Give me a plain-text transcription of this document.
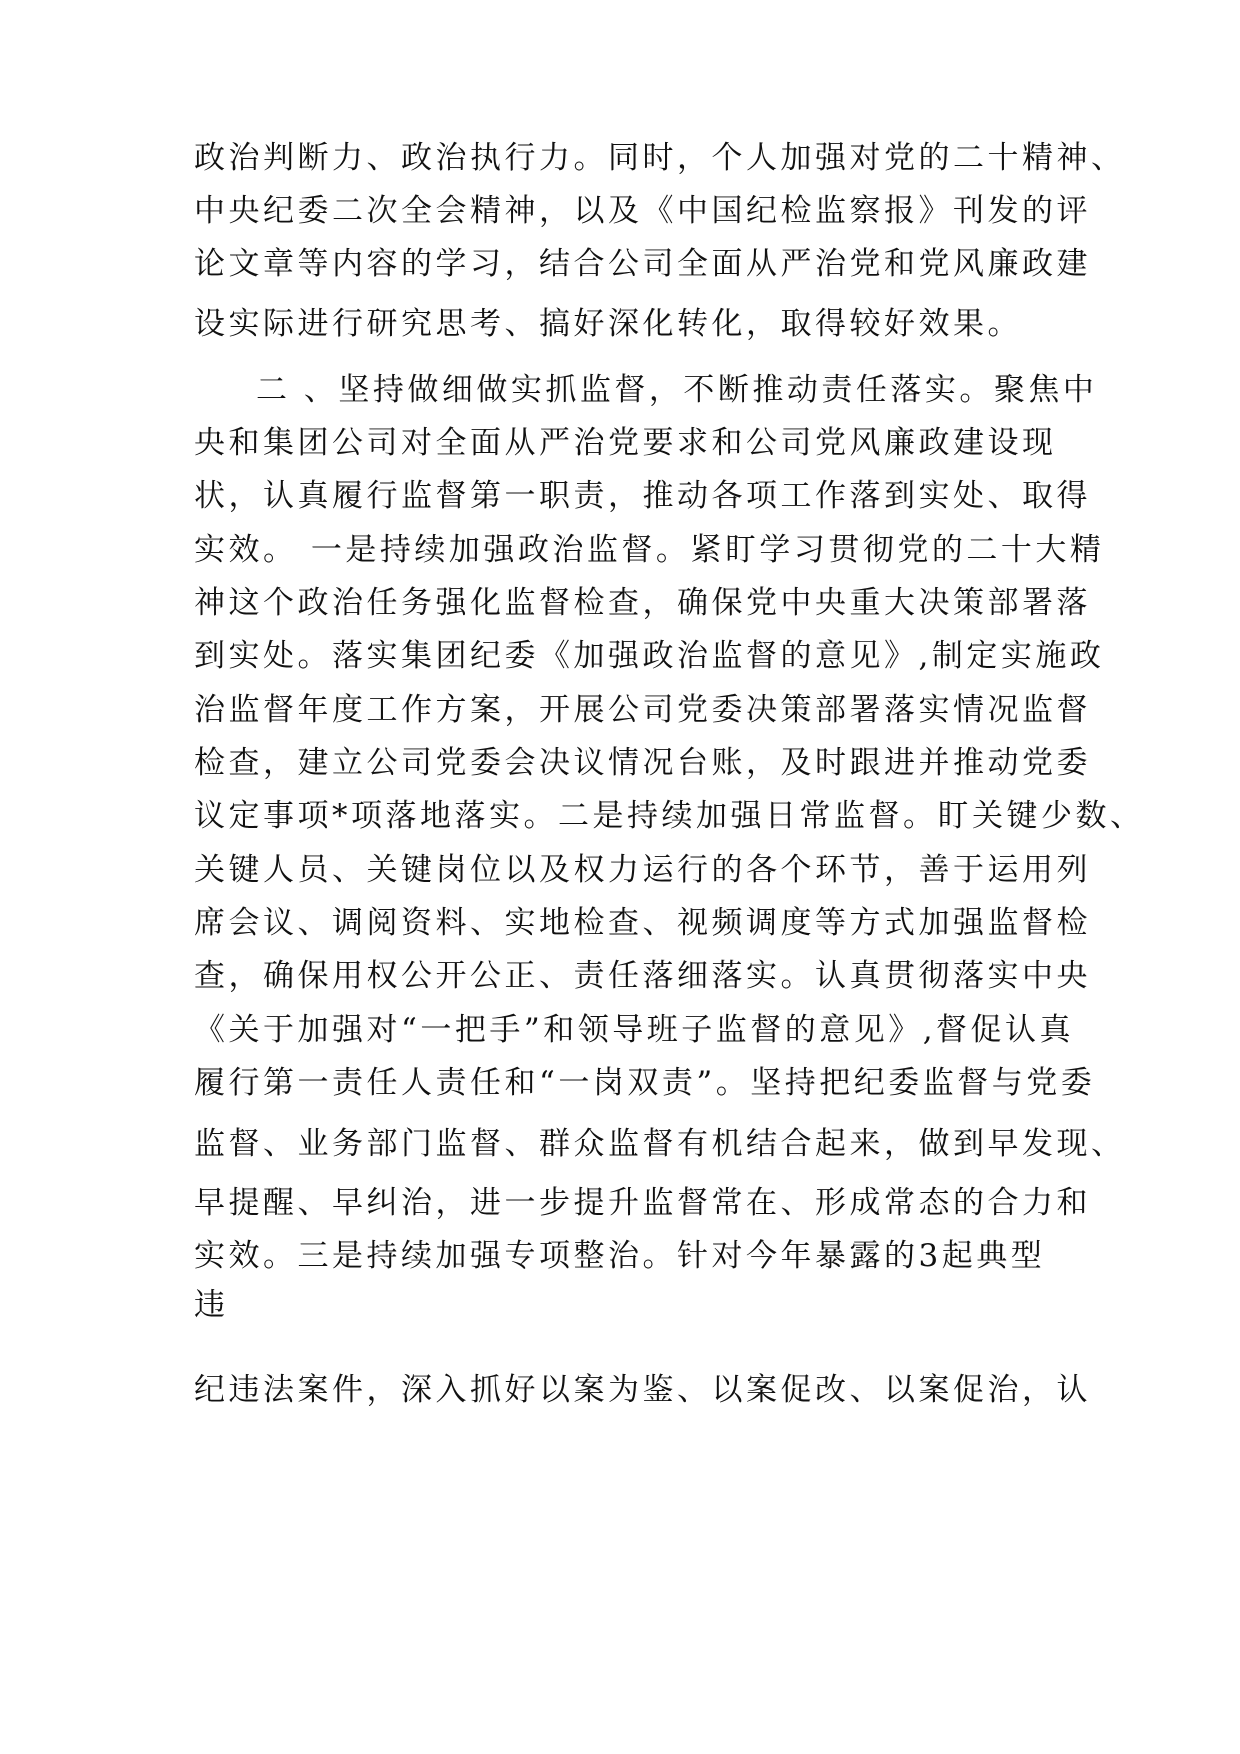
政治判断力、政治执行力。同时，个人加强对党的二十精神、
中央纪委二次全会精神，以及《中国纪检监察报》刊发的评
论文章等内容的学习，结合公司全面从严治党和党风廉政建
设实际进行研究思考、搞好深化转化，取得较好效果。
二 、坚持做细做实抓监督，不断推动责任落实。聚焦中
央和集团公司对全面从严治党要求和公司党风廉政建设现
状，认真履行监督第一职责，推动各项工作落到实处、取得
实效。 一是持续加强政治监督。紧盯学习贯彻党的二十大精
神这个政治任务强化监督检查，确保党中央重大决策部署落
到实处。落实集团纪委《加强政治监督的意见》,制定实施政
治监督年度工作方案，开展公司党委决策部署落实情况监督
检查，建立公司党委会决议情况台账，及时跟进并推动党委
议定事项*项落地落实。二是持续加强日常监督。盯关键少数、
关键人员、关键岗位以及权力运行的各个环节，善于运用列
席会议、调阅资料、实地检查、视频调度等方式加强监督检
查，确保用权公开公正、责任落细落实。认真贯彻落实中央
《关于加强对“一把手”和领导班子监督的意见》,督促认真
履行第一责任人责任和“一岗双责”。坚持把纪委监督与党委
监督、业务部门监督、群众监督有机结合起来，做到早发现、
早提醒、早纠治，进一步提升监督常在、形成常态的合力和
实效。三是持续加强专项整治。针对今年暴露的3起典型
违
纪违法案件，深入抓好以案为鉴、以案促改、以案促治，认
